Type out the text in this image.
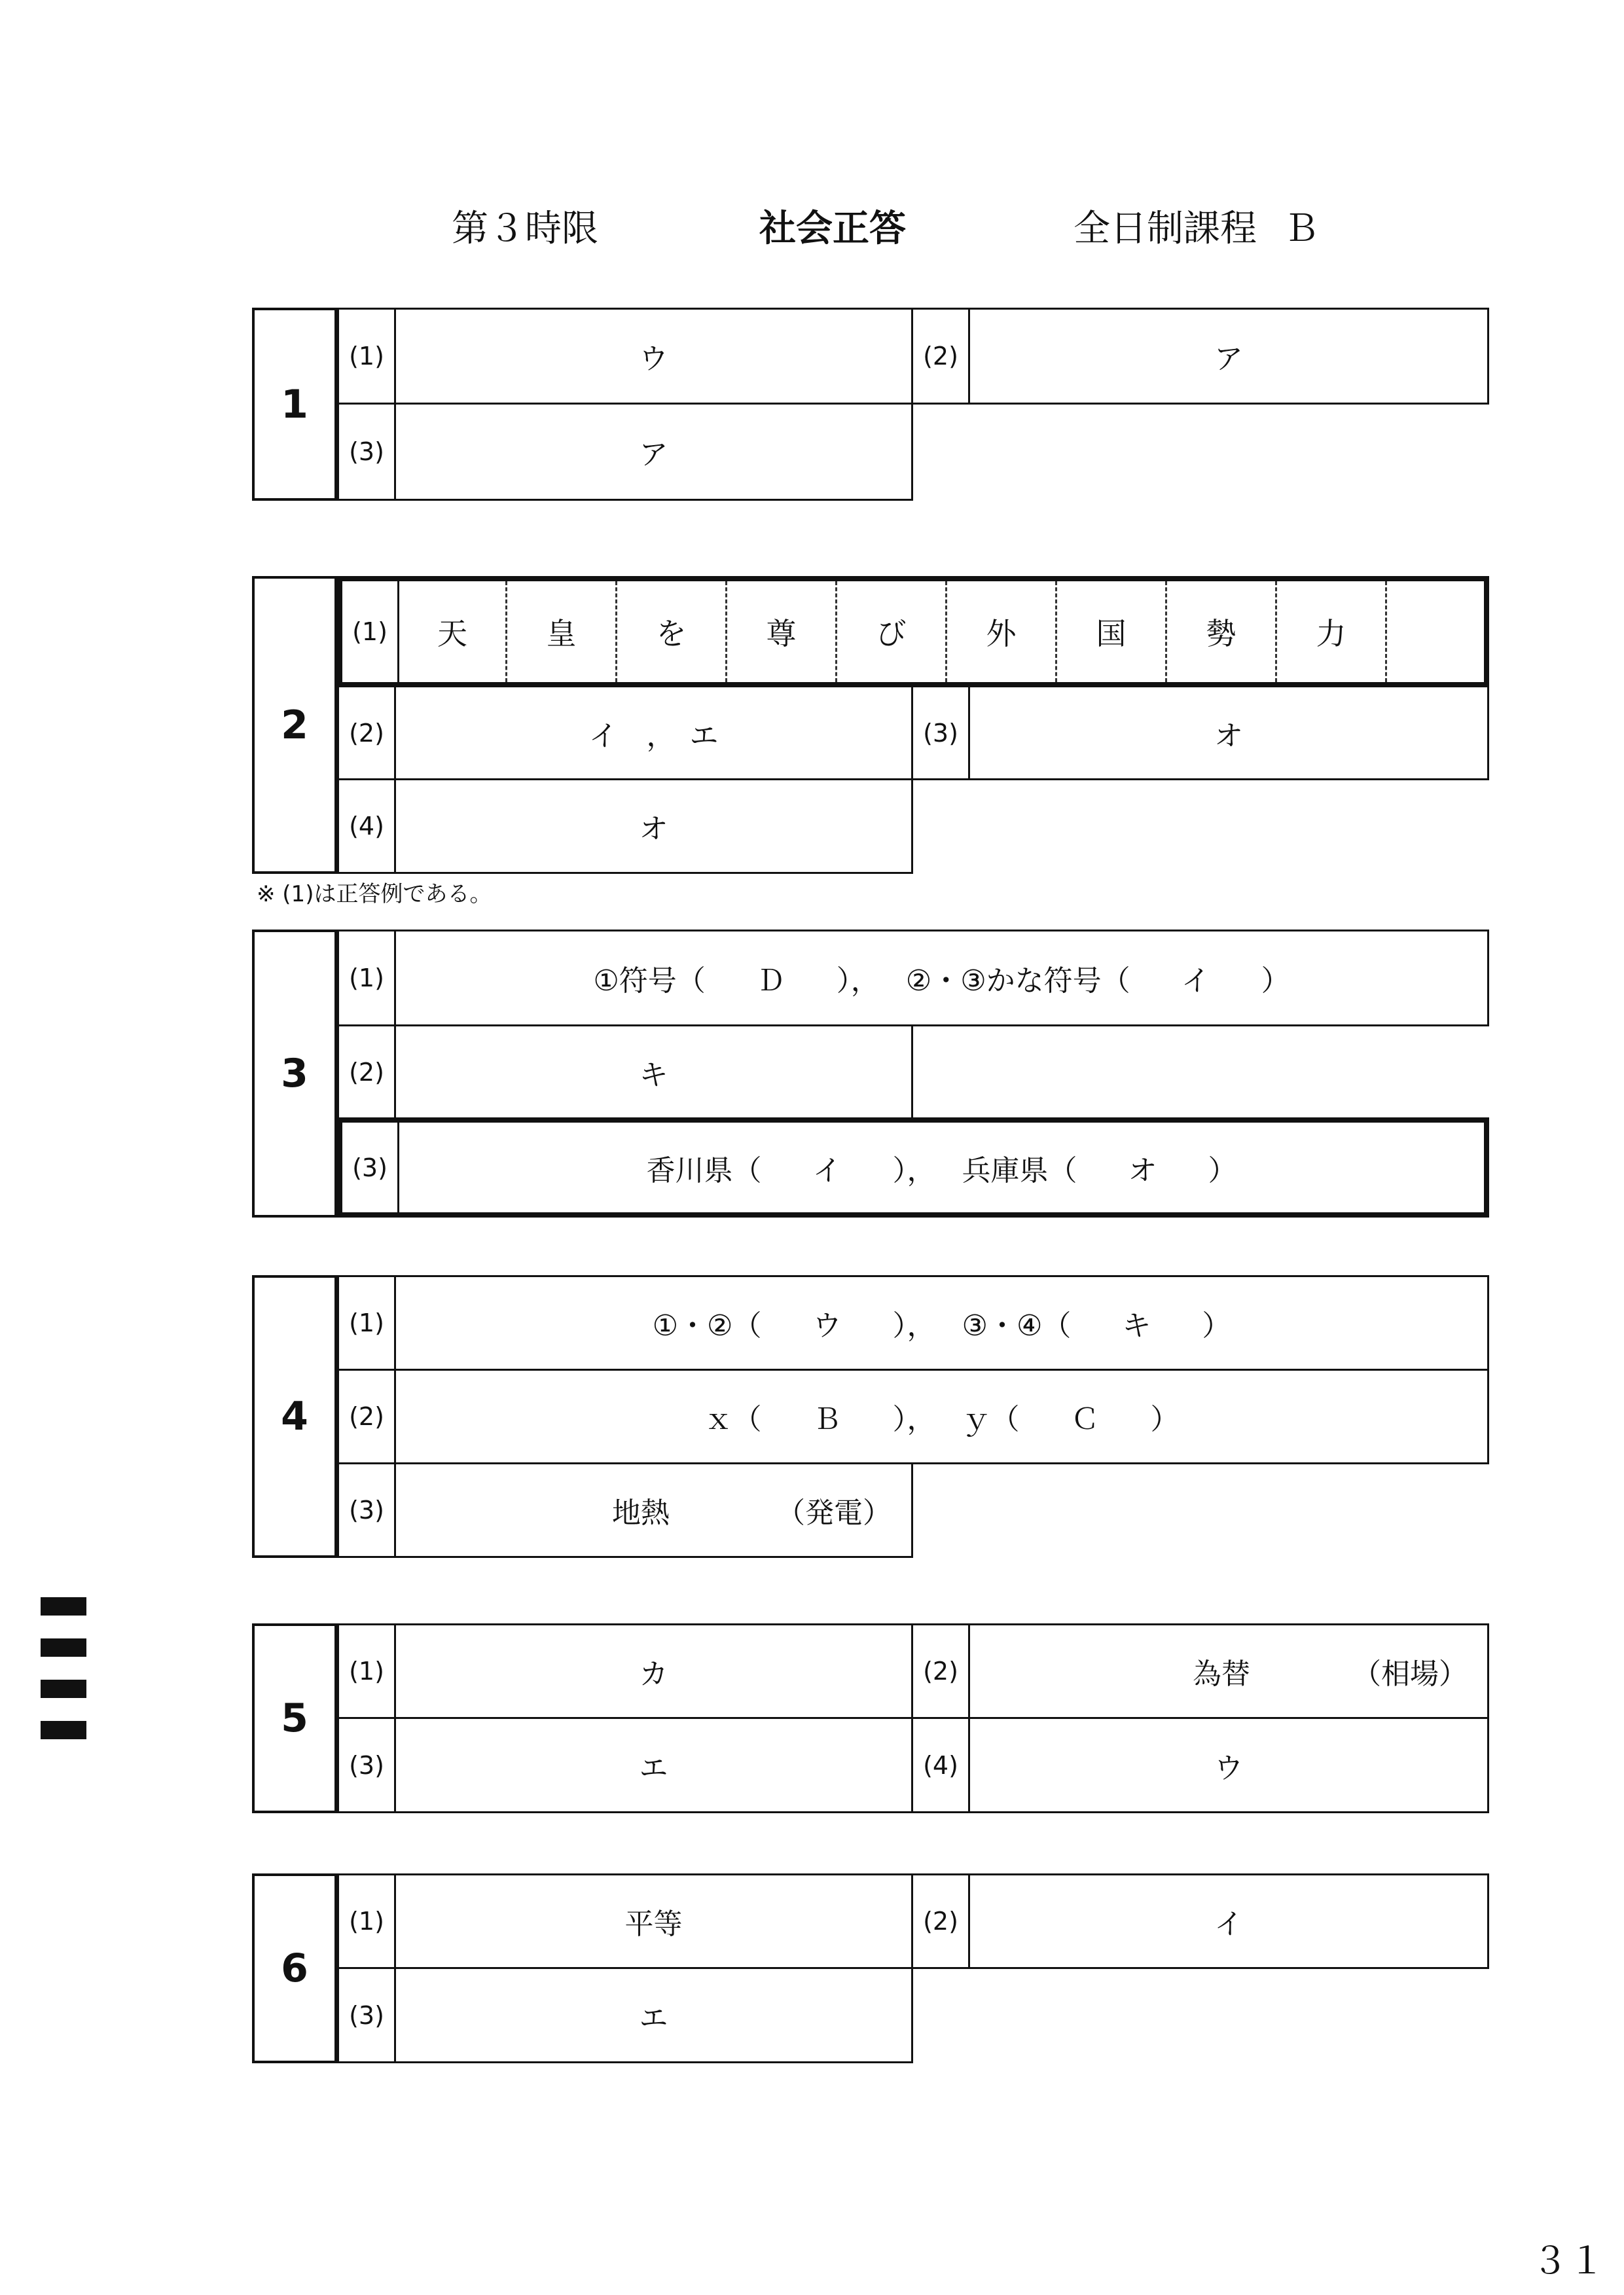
第３時限	社会正答	全日制課程 Ｂ
1
(1)	ウ	(2)	ア
(3)	ア
2
(1)	天	皇	を	尊	び	外	国	勢	力
(2)	イ　，　エ	(3)	オ
(4)	オ
※ (1)は正答例である。
3
(1)	①符号（	Ｄ	）， ②・③かな符号（	イ	）
(2)	キ
(3)	香川県（	イ	）， 兵庫県（	オ	）
4
(1)	①・②（	ウ	）， ③・④（	キ	）
(2)	ｘ（	Ｂ	）， ｙ（	Ｃ	）
(3)	地熱	（発電）
5
(1)	カ	(2)	為替	（相場）
(3)	エ	(4)	ウ
6
(1)	平等	(2)	イ
(3)	エ
３１
